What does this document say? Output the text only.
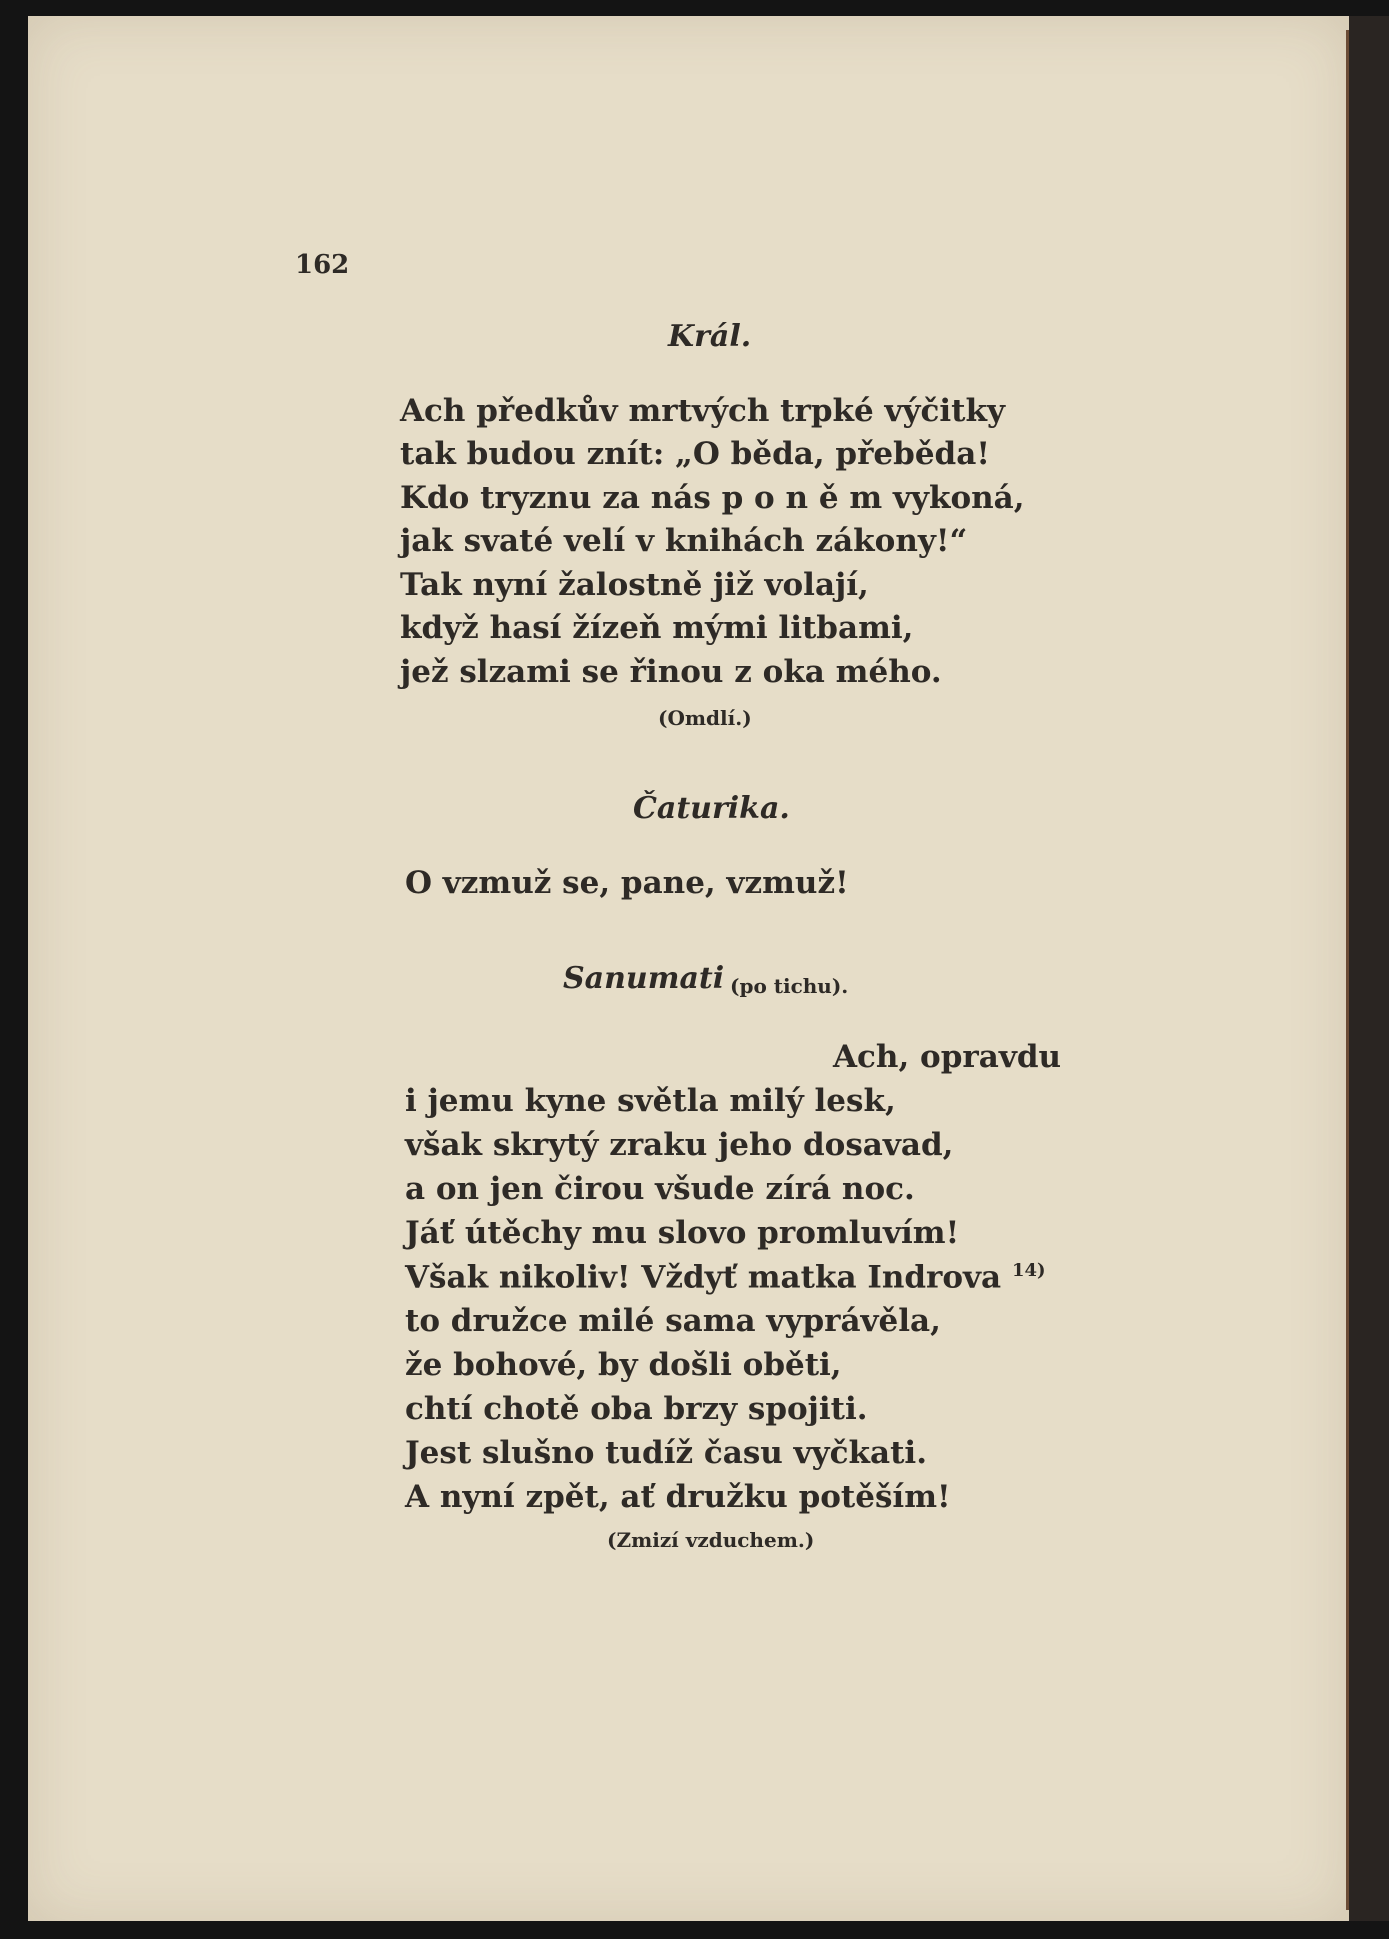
162
Král.
Ach předkův mrtvých trpké výčitky
tak budou znít: „O běda, přeběda!
Kdo tryznu za nás p o n ě m vykoná,
jak svaté velí v knihách zákony!“
Tak nyní žalostně již volají,
když hasí žízeň mými litbami,
jež slzami se řinou z oka mého.
(Omdlí.)
Čaturika.
O vzmuž se, pane, vzmuž!
Sanumati (po tichu).
Ach, opravdu
i jemu kyne světla milý lesk,
však skrytý zraku jeho dosavad,
a on jen čirou všude zírá noc.
Jáť útěchy mu slovo promluvím!
Však nikoliv! Vždyť matka Indrova $^{14)}$
to družce milé sama vyprávěla,
že bohové, by došli oběti,
chtí chotě oba brzy spojiti.
Jest slušno tudíž času vyčkati.
A nyní zpět, ať družku potěším!
(Zmizí vzduchem.)
